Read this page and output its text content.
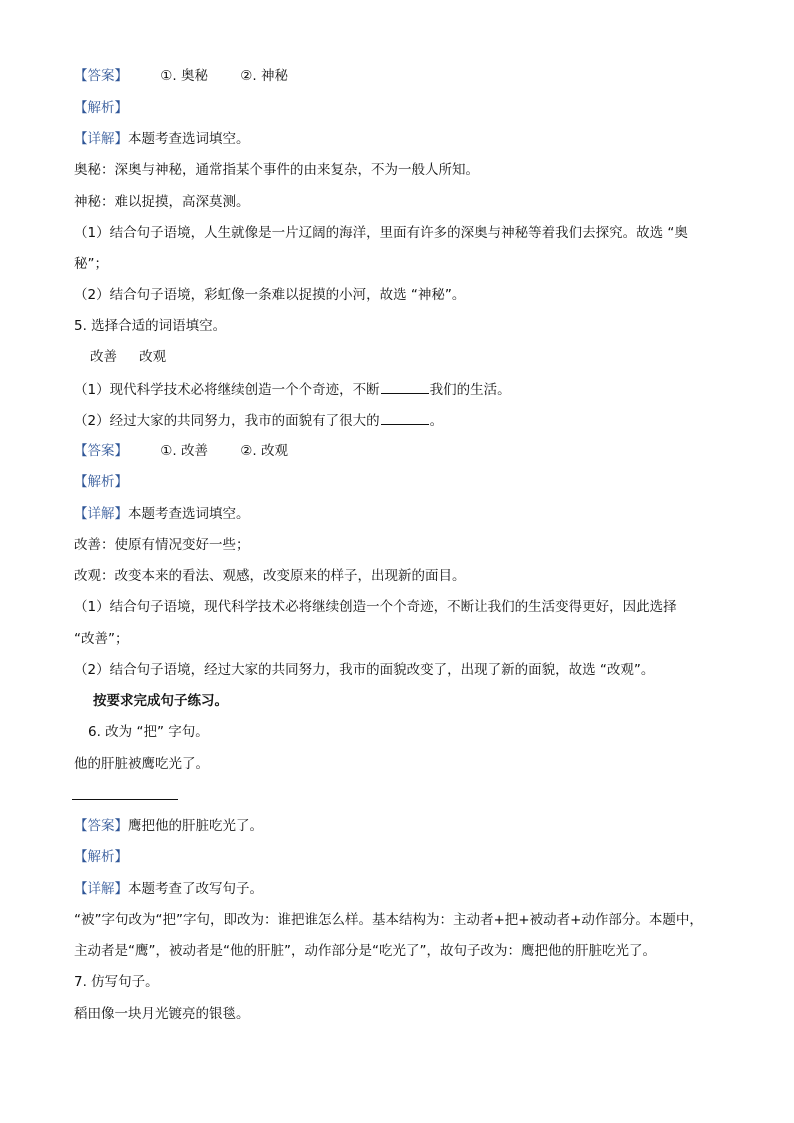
【答案】 ①. 奥秘 ②. 神秘
【解析】
【详解】本题考查选词填空。
奥秘：深奥与神秘，通常指某个事件的由来复杂，不为一般人所知。
神秘：难以捉摸，高深莫测。
（1）结合句子语境，人生就像是一片辽阔的海洋，里面有许多的深奥与神秘等着我们去探究。故选 “奥
秘”；
（2）结合句子语境，彩虹像一条难以捉摸的小河，故选 “神秘”。
5. 选择合适的词语填空。
改善　  改观
（1）现代科学技术必将继续创造一个个奇迹，不断	我们的生活。
（2）经过大家的共同努力，我市的面貌有了很大的	。
【答案】 ①. 改善 ②. 改观
【解析】
【详解】本题考查选词填空。
改善：使原有情况变好一些；
改观：改变本来的看法、观感，改变原来的样子，出现新的面目。
（1）结合句子语境，现代科学技术必将继续创造一个个奇迹，不断让我们的生活变得更好，因此选择
“改善”；
（2）结合句子语境，经过大家的共同努力，我市的面貌改变了，出现了新的面貌，故选 “改观”。
按要求完成句子练习。
6. 改为 “把” 字句。
他的肝脏被鹰吃光了。
【答案】鹰把他的肝脏吃光了。
【解析】
【详解】本题考查了改写句子。
“被”字句改为“把”字句，即改为：谁把谁怎么样。基本结构为：主动者+把+被动者+动作部分。本题中，
主动者是“鹰”，被动者是“他的肝脏”，动作部分是“吃光了”，故句子改为：鹰把他的肝脏吃光了。
7. 仿写句子。
稻田像一块月光镀亮的银毯。
